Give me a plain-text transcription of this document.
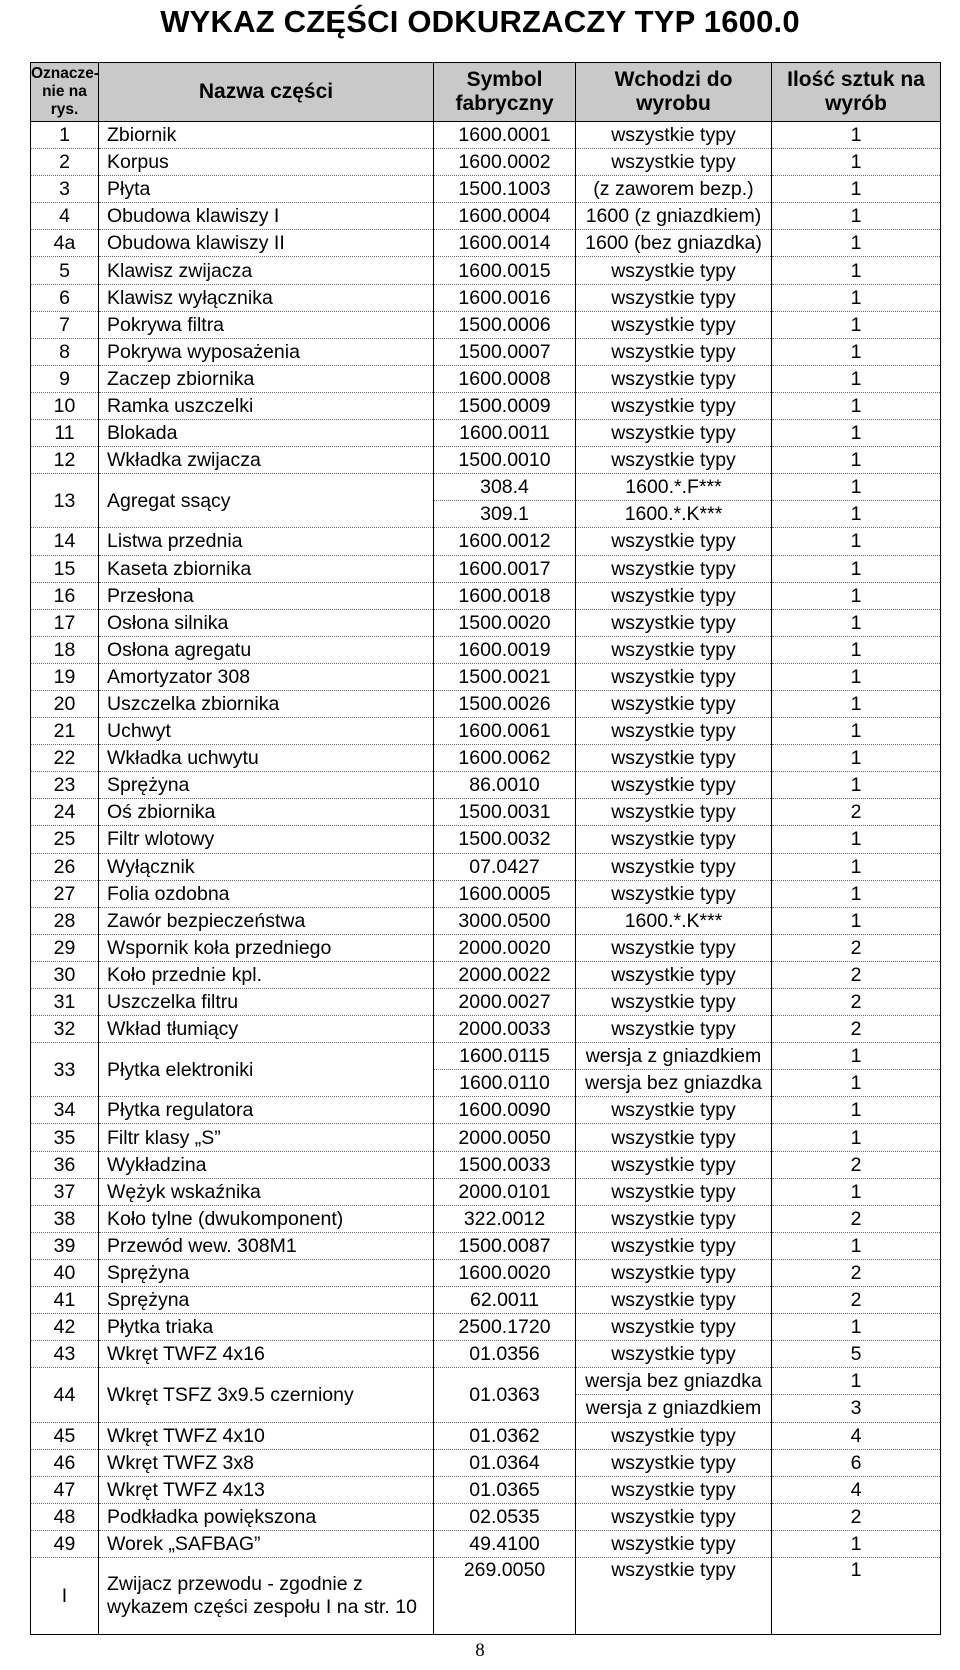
WYKAZ CZĘŚCI ODKURZACZY TYP 1600.0
Oznacze-nie na rys.	Nazwa części	Symbol fabryczny	Wchodzi do wyrobu	Ilość sztuk na wyrób
1	Zbiornik	1600.0001	wszystkie typy	1
2	Korpus	1600.0002	wszystkie typy	1
3	Płyta	1500.1003	(z zaworem bezp.)	1
4	Obudowa klawiszy I	1600.0004	1600 (z gniazdkiem)	1
4a	Obudowa klawiszy II	1600.0014	1600 (bez gniazdka)	1
5	Klawisz zwijacza	1600.0015	wszystkie typy	1
6	Klawisz wyłącznika	1600.0016	wszystkie typy	1
7	Pokrywa filtra	1500.0006	wszystkie typy	1
8	Pokrywa wyposażenia	1500.0007	wszystkie typy	1
9	Zaczep zbiornika	1600.0008	wszystkie typy	1
10	Ramka uszczelki	1500.0009	wszystkie typy	1
11	Blokada	1600.0011	wszystkie typy	1
12	Wkładka zwijacza	1500.0010	wszystkie typy	1
13	Agregat ssący	308.4	1600.*.F***	1
		309.1	1600.*.K***	1
14	Listwa przednia	1600.0012	wszystkie typy	1
15	Kaseta zbiornika	1600.0017	wszystkie typy	1
16	Przesłona	1600.0018	wszystkie typy	1
17	Osłona silnika	1500.0020	wszystkie typy	1
18	Osłona agregatu	1600.0019	wszystkie typy	1
19	Amortyzator 308	1500.0021	wszystkie typy	1
20	Uszczelka zbiornika	1500.0026	wszystkie typy	1
21	Uchwyt	1600.0061	wszystkie typy	1
22	Wkładka uchwytu	1600.0062	wszystkie typy	1
23	Sprężyna	86.0010	wszystkie typy	1
24	Oś zbiornika	1500.0031	wszystkie typy	2
25	Filtr wlotowy	1500.0032	wszystkie typy	1
26	Wyłącznik	07.0427	wszystkie typy	1
27	Folia ozdobna	1600.0005	wszystkie typy	1
28	Zawór bezpieczeństwa	3000.0500	1600.*.K***	1
29	Wspornik koła przedniego	2000.0020	wszystkie typy	2
30	Koło przednie kpl.	2000.0022	wszystkie typy	2
31	Uszczelka filtru	2000.0027	wszystkie typy	2
32	Wkład tłumiący	2000.0033	wszystkie typy	2
33	Płytka elektroniki	1600.0115	wersja z gniazdkiem	1
		1600.0110	wersja bez gniazdka	1
34	Płytka regulatora	1600.0090	wszystkie typy	1
35	Filtr klasy „S”	2000.0050	wszystkie typy	1
36	Wykładzina	1500.0033	wszystkie typy	2
37	Wężyk wskaźnika	2000.0101	wszystkie typy	1
38	Koło tylne (dwukomponent)	322.0012	wszystkie typy	2
39	Przewód wew. 308M1	1500.0087	wszystkie typy	1
40	Sprężyna	1600.0020	wszystkie typy	2
41	Sprężyna	62.0011	wszystkie typy	2
42	Płytka triaka	2500.1720	wszystkie typy	1
43	Wkręt TWFZ 4x16	01.0356	wszystkie typy	5
44	Wkręt TSFZ 3x9.5 czerniony	01.0363	wersja bez gniazdka	1
			wersja z gniazdkiem	3
45	Wkręt TWFZ 4x10	01.0362	wszystkie typy	4
46	Wkręt TWFZ 3x8	01.0364	wszystkie typy	6
47	Wkręt TWFZ 4x13	01.0365	wszystkie typy	4
48	Podkładka powiększona	02.0535	wszystkie typy	2
49	Worek „SAFBAG”	49.4100	wszystkie typy	1
I	Zwijacz przewodu - zgodnie z wykazem części zespołu I na str. 10	269.0050	wszystkie typy	1
8
